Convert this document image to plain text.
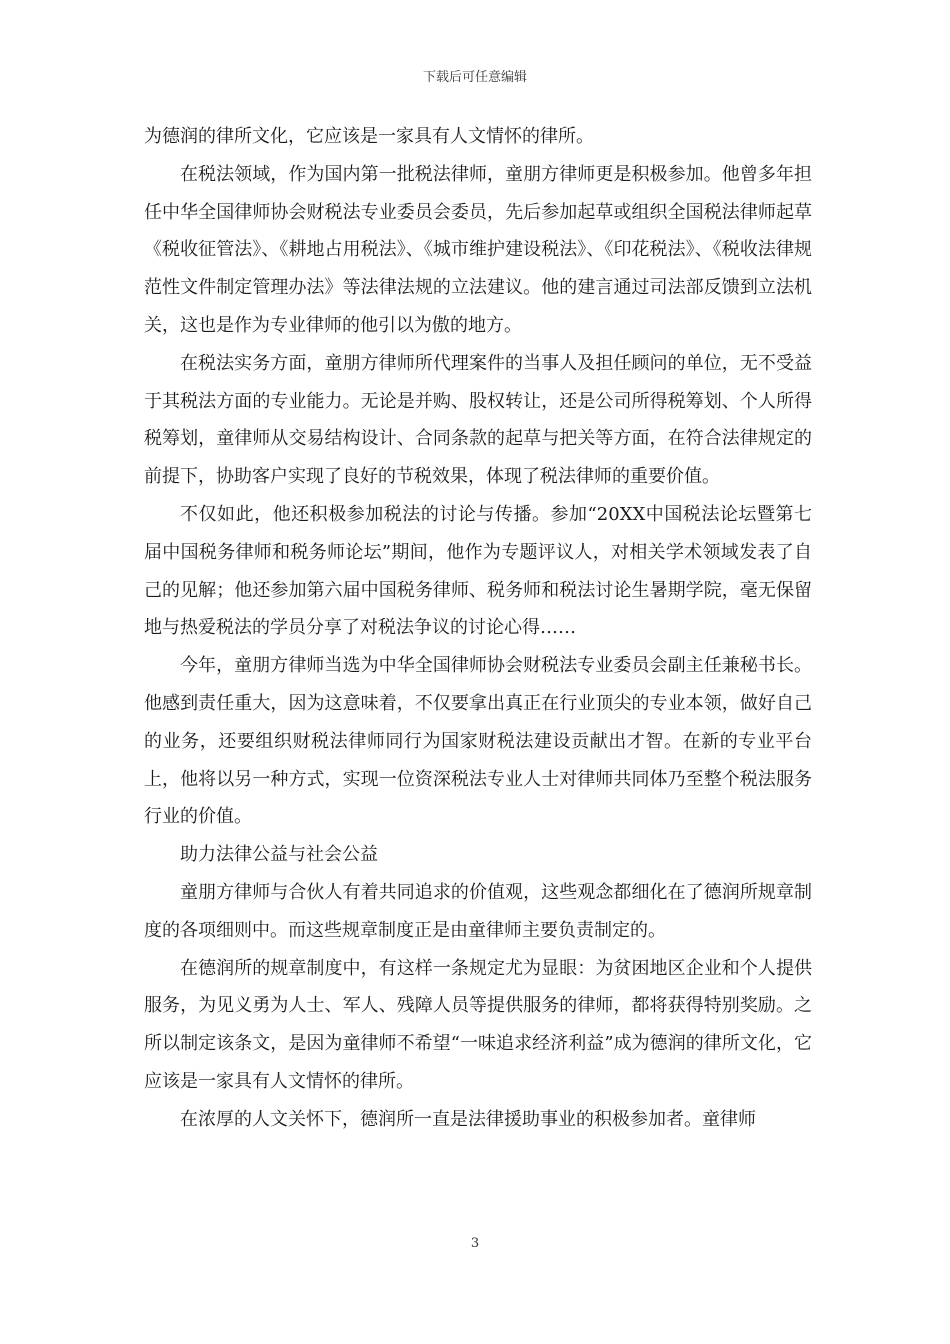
下载后可任意编辑

为德润的律所文化，它应该是一家具有人文情怀的律所。

在税法领域，作为国内第一批税法律师，童朋方律师更是积极参加。他曾多年担任中华全国律师协会财税法专业委员会委员，先后参加起草或组织全国税法律师起草《税收征管法》、《耕地占用税法》、《城市维护建设税法》、《印花税法》、《税收法律规范性文件制定管理办法》等法律法规的立法建议。他的建言通过司法部反馈到立法机关，这也是作为专业律师的他引以为傲的地方。

在税法实务方面，童朋方律师所代理案件的当事人及担任顾问的单位，无不受益于其税法方面的专业能力。无论是并购、股权转让，还是公司所得税筹划、个人所得税筹划，童律师从交易结构设计、合同条款的起草与把关等方面，在符合法律规定的前提下，协助客户实现了良好的节税效果，体现了税法律师的重要价值。

不仅如此，他还积极参加税法的讨论与传播。参加“20XX中国税法论坛暨第七届中国税务律师和税务师论坛”期间，他作为专题评议人，对相关学术领域发表了自己的见解；他还参加第六届中国税务律师、税务师和税法讨论生暑期学院，毫无保留地与热爱税法的学员分享了对税法争议的讨论心得……

今年，童朋方律师当选为中华全国律师协会财税法专业委员会副主任兼秘书长。他感到责任重大，因为这意味着，不仅要拿出真正在行业顶尖的专业本领，做好自己的业务，还要组织财税法律师同行为国家财税法建设贡献出才智。在新的专业平台上，他将以另一种方式，实现一位资深税法专业人士对律师共同体乃至整个税法服务行业的价值。

助力法律公益与社会公益

童朋方律师与合伙人有着共同追求的价值观，这些观念都细化在了德润所规章制度的各项细则中。而这些规章制度正是由童律师主要负责制定的。

在德润所的规章制度中，有这样一条规定尤为显眼：为贫困地区企业和个人提供服务，为见义勇为人士、军人、残障人员等提供服务的律师，都将获得特别奖励。之所以制定该条文，是因为童律师不希望“一味追求经济利益”成为德润的律所文化，它应该是一家具有人文情怀的律所。

在浓厚的人文关怀下，德润所一直是法律援助事业的积极参加者。童律师

3
